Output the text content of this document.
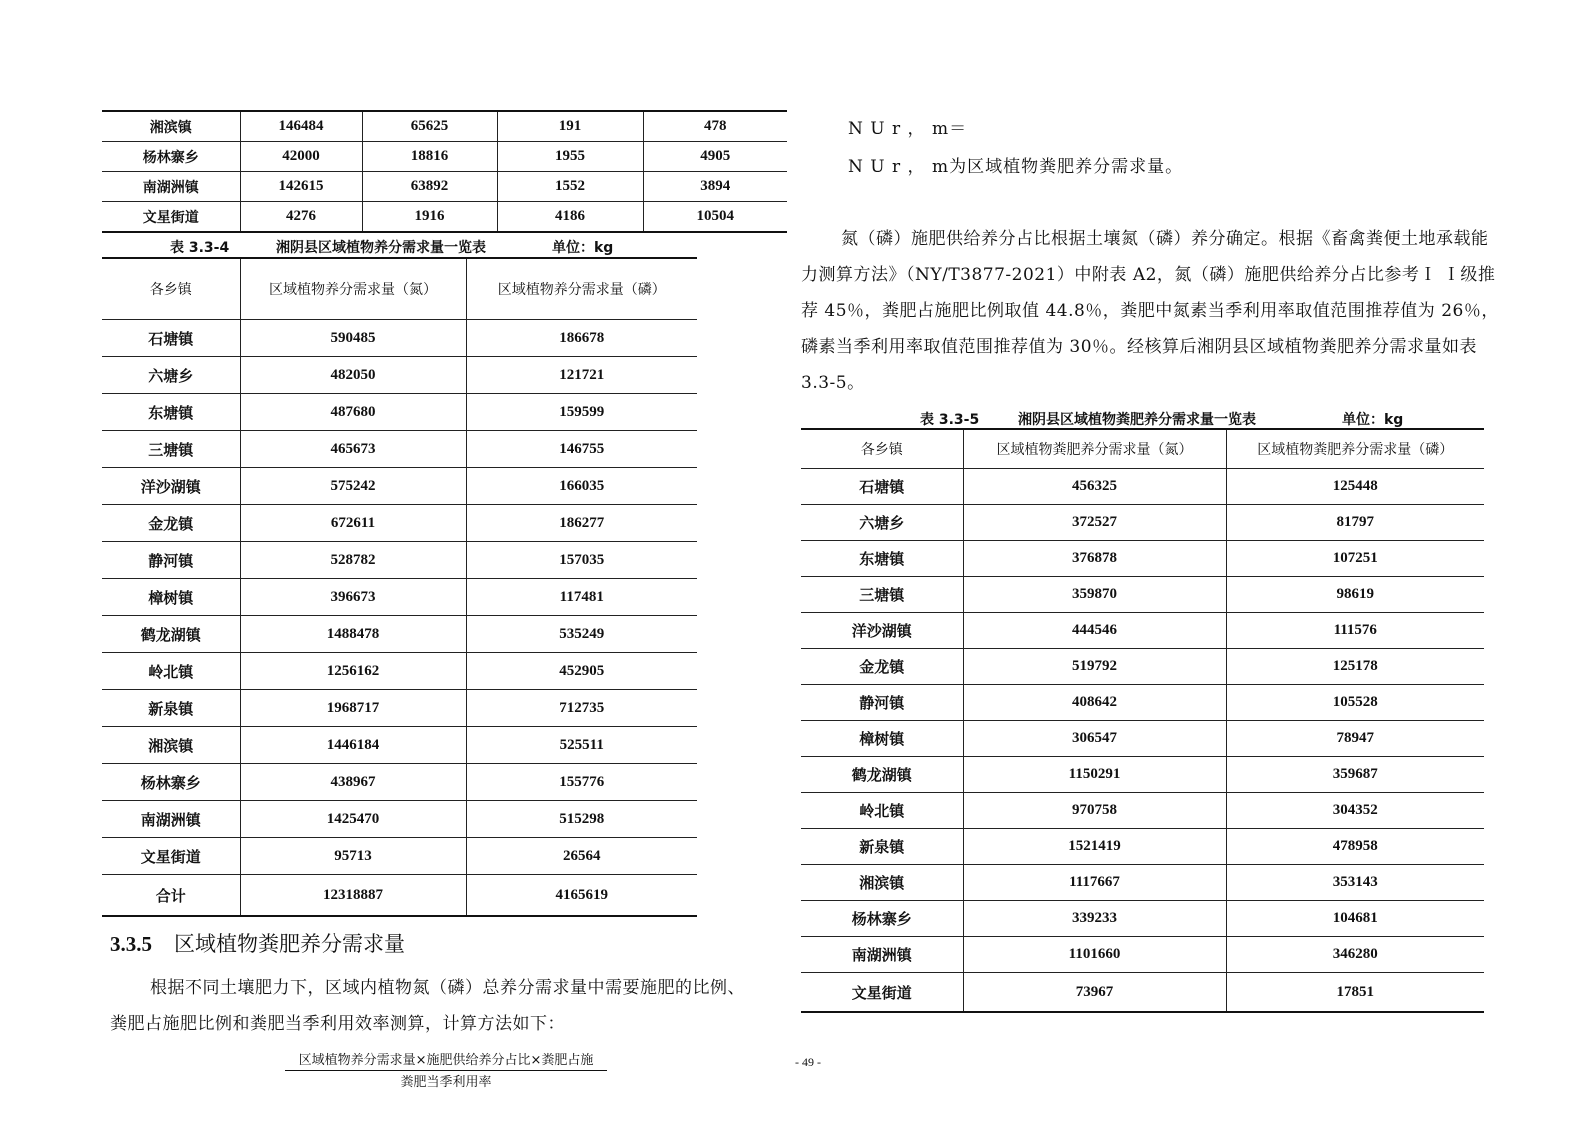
湘滨镇	146484	65625	191	478
杨林寨乡	42000	18816	1955	4905
南湖洲镇	142615	63892	1552	3894
文星街道	4276	1916	4186	10504
表 3.3-4	湘阴县区域植物养分需求量一览表	单位：kg
各乡镇	区域植物养分需求量（氮）	区域植物养分需求量（磷）
石塘镇	590485	186678
六塘乡	482050	121721
东塘镇	487680	159599
三塘镇	465673	146755
洋沙湖镇	575242	166035
金龙镇	672611	186277
静河镇	528782	157035
樟树镇	396673	117481
鹤龙湖镇	1488478	535249
岭北镇	1256162	452905
新泉镇	1968717	712735
湘滨镇	1446184	525511
杨林寨乡	438967	155776
南湖洲镇	1425470	515298
文星街道	95713	26564
合计	12318887	4165619
3.3.5 区域植物粪肥养分需求量
根据不同土壤肥力下，区域内植物氮（磷）总养分需求量中需要施肥的比例、粪肥占施肥比例和粪肥当季利用效率测算，计算方法如下：
区域植物养分需求量×施肥供给养分占比×粪肥占施
粪肥当季利用率
N U r ， m＝
N U r ， m为区域植物粪肥养分需求量。
氮（磷）施肥供给养分占比根据土壤氮（磷）养分确定。根据《畜禽粪便土地承载能力测算方法》（NY/T3877-2021）中附表 A2，氮（磷）施肥供给养分占比参考Ｉ Ｉ级推荐 45％，粪肥占施肥比例取值 44.8％，粪肥中氮素当季利用率取值范围推荐值为 26％，磷素当季利用率取值范围推荐值为 30％。经核算后湘阴县区域植物粪肥养分需求量如表 3.3-5。
表 3.3-5	湘阴县区域植物粪肥养分需求量一览表	单位：kg
各乡镇	区域植物粪肥养分需求量（氮）	区域植物粪肥养分需求量（磷）
石塘镇	456325	125448
六塘乡	372527	81797
东塘镇	376878	107251
三塘镇	359870	98619
洋沙湖镇	444546	111576
金龙镇	519792	125178
静河镇	408642	105528
樟树镇	306547	78947
鹤龙湖镇	1150291	359687
岭北镇	970758	304352
新泉镇	1521419	478958
湘滨镇	1117667	353143
杨林寨乡	339233	104681
南湖洲镇	1101660	346280
文星街道	73967	17851
- 49 -
